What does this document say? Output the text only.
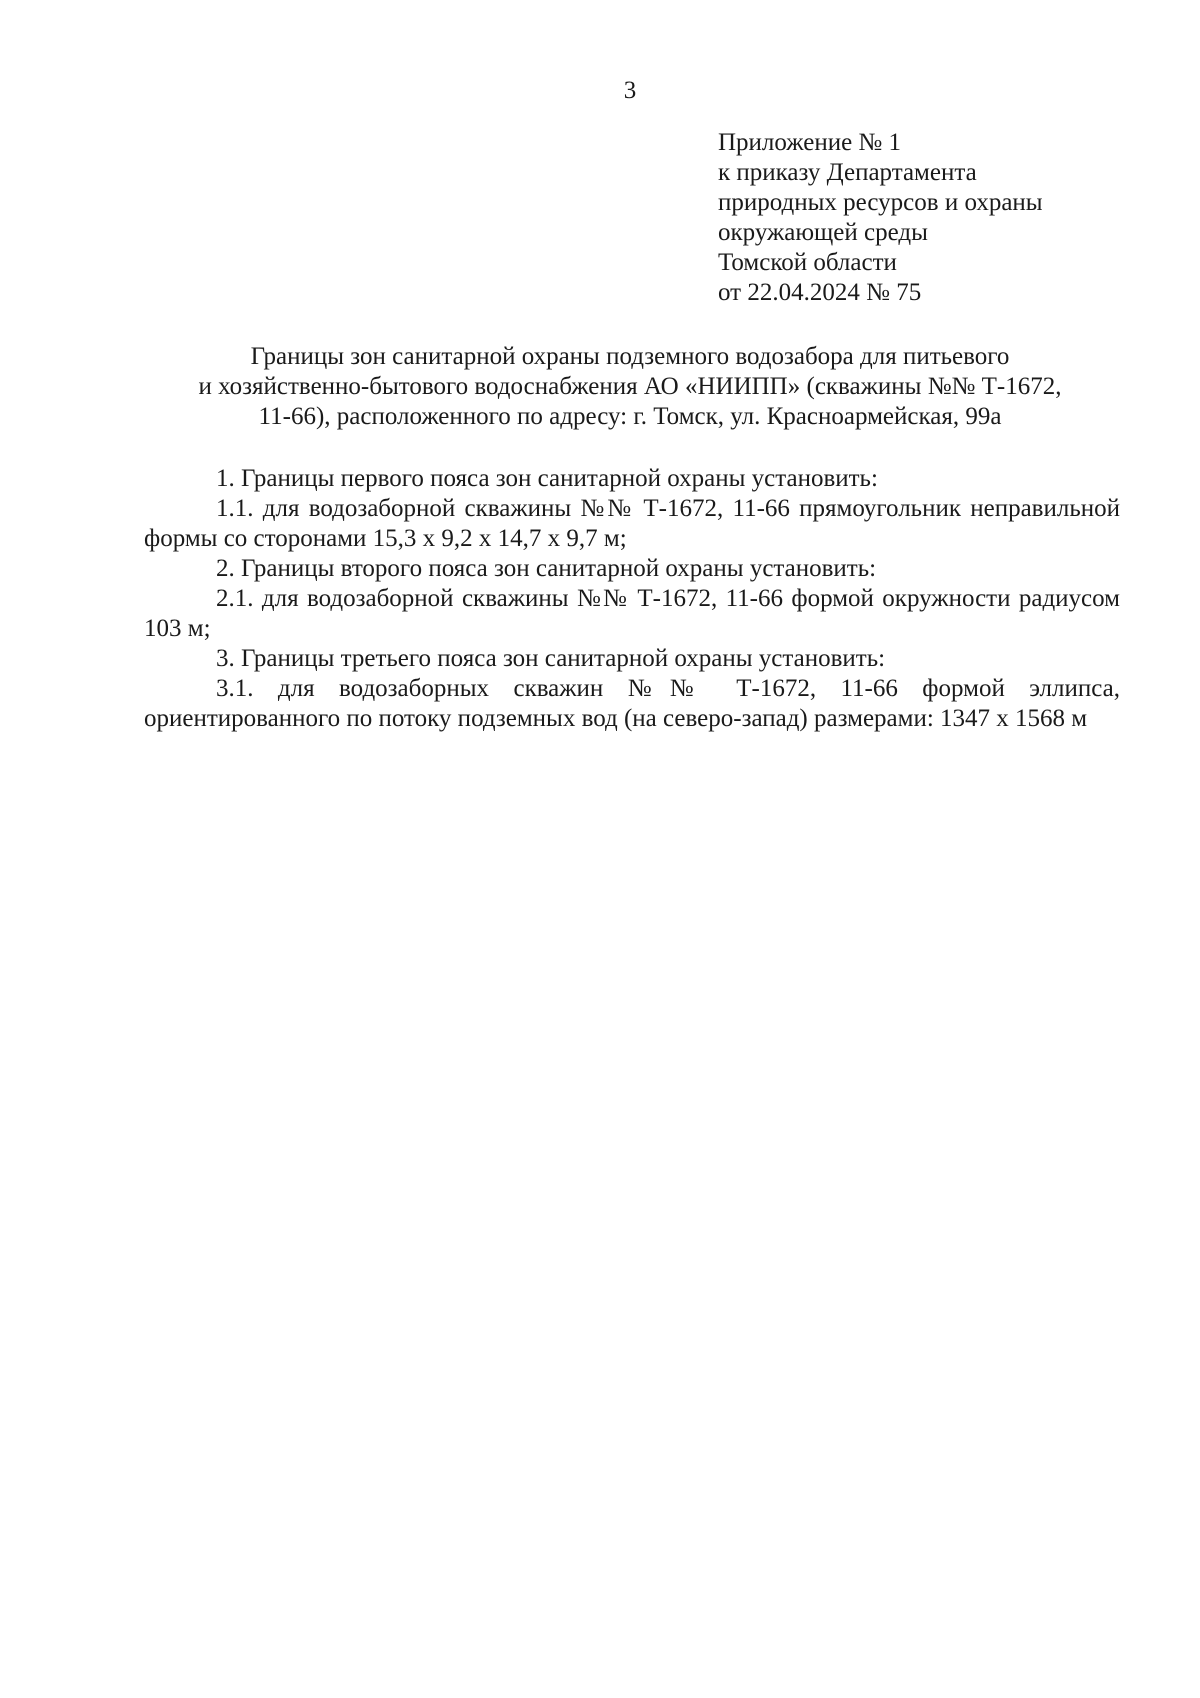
3
Приложение № 1
к приказу Департамента
природных ресурсов и охраны
окружающей среды
Томской области
от 22.04.2024 № 75
Границы зон санитарной охраны подземного водозабора для питьевого
и хозяйственно-бытового водоснабжения АО «НИИПП» (скважины №№ Т-1672,
11-66), расположенного по адресу: г. Томск, ул. Красноармейская, 99а

1. Границы первого пояса зон санитарной охраны установить:

1.1. для водозаборной скважины №№ Т-1672, 11-66 прямоугольник неправильной формы со сторонами 15,3 х 9,2 х 14,7 х 9,7 м;

2. Границы второго пояса зон санитарной охраны установить:

2.1. для водозаборной скважины №№ Т-1672, 11-66 формой окружности радиусом 103 м;

3. Границы третьего пояса зон санитарной охраны установить:

3.1. для водозаборных скважин №№ Т-1672, 11-66 формой эллипса, ориентированного по потоку подземных вод (на северо-запад) размерами: 1347 х 1568 м
